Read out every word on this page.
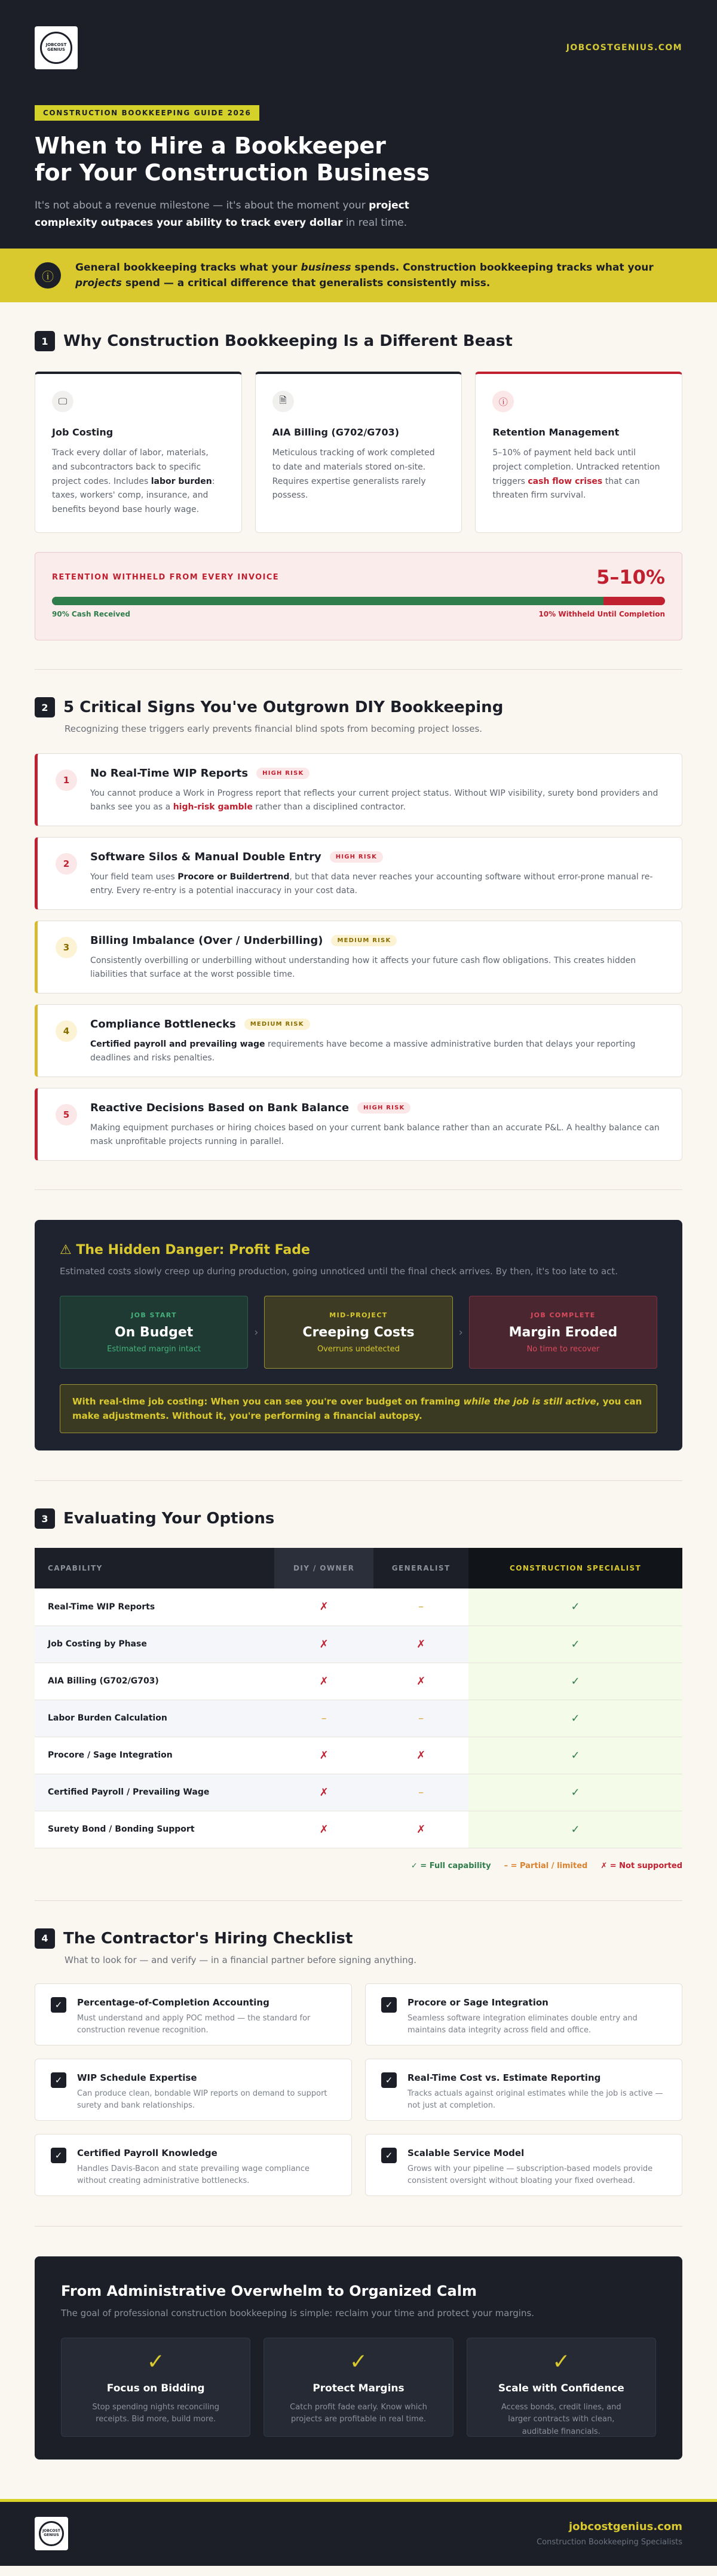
JOBCOST GENIUS	JOBCOSTGENIUS.COM
CONSTRUCTION BOOKKEEPING GUIDE 2026
When to Hire a Bookkeeper
for Your Construction Business

It's not about a revenue milestone — it's about the moment your project complexity outpaces your ability to track every dollar in real time.

ⓘ

General bookkeeping tracks what your business spends. Construction bookkeeping tracks what your projects spend — a critical difference that generalists consistently miss.

1 Why Construction Bookkeeping Is a Different Beast
🖵
Job Costing

Track every dollar of labor, materials, and subcontractors back to specific project codes. Includes labor burden: taxes, workers' comp, insurance, and benefits beyond base hourly wage.

🗎
AIA Billing (G702/G703)

Meticulous tracking of work completed to date and materials stored on-site. Requires expertise generalists rarely possess.

ⓘ
Retention Management

5–10% of payment held back until project completion. Untracked retention triggers cash flow crises that can threaten firm survival.

RETENTION WITHHELD FROM EVERY INVOICE	5–10%
90% Cash Received	10% Withheld Until Completion
2 5 Critical Signs You've Outgrown DIY Bookkeeping

Recognizing these triggers early prevents financial blind spots from becoming project losses.

1
No Real-Time WIP Reports	HIGH RISK

You cannot produce a Work in Progress report that reflects your current project status. Without WIP visibility, surety bond providers and banks see you as a high-risk gamble rather than a disciplined contractor.

2
Software Silos & Manual Double Entry	HIGH RISK

Your field team uses Procore or Buildertrend, but that data never reaches your accounting software without error-prone manual re-entry. Every re-entry is a potential inaccuracy in your cost data.

3
Billing Imbalance (Over / Underbilling)	MEDIUM RISK

Consistently overbilling or underbilling without understanding how it affects your future cash flow obligations. This creates hidden liabilities that surface at the worst possible time.

4
Compliance Bottlenecks	MEDIUM RISK

Certified payroll and prevailing wage requirements have become a massive administrative burden that delays your reporting deadlines and risks penalties.

5
Reactive Decisions Based on Bank Balance	HIGH RISK

Making equipment purchases or hiring choices based on your current bank balance rather than an accurate P&L. A healthy balance can mask unprofitable projects running in parallel.

⚠ The Hidden Danger: Profit Fade

Estimated costs slowly creep up during production, going unnoticed until the final check arrives. By then, it's too late to act.

JOB START
On Budget
Estimated margin intact
›
MID-PROJECT
Creeping Costs
Overruns undetected
›
JOB COMPLETE
Margin Eroded
No time to recover
With real-time job costing: When you can see you're over budget on framing while the job is still active, you can make adjustments. Without it, you're performing a financial autopsy.
3 Evaluating Your Options
CAPABILITY	DIY / OWNER	GENERALIST	CONSTRUCTION SPECIALIST
Real-Time WIP Reports	✗	–	✓
Job Costing by Phase	✗	✗	✓
AIA Billing (G702/G703)	✗	✗	✓
Labor Burden Calculation	–	–	✓
Procore / Sage Integration	✗	✗	✓
Certified Payroll / Prevailing Wage	✗	–	✓
Surety Bond / Bonding Support	✗	✗	✓
✓ = Full capability – = Partial / limited ✗ = Not supported
4 The Contractor's Hiring Checklist

What to look for — and verify — in a financial partner before signing anything.

✓	Percentage-of-Completion Accounting

Must understand and apply POC method — the standard for construction revenue recognition.

✓	Procore or Sage Integration

Seamless software integration eliminates double entry and maintains data integrity across field and office.

✓	WIP Schedule Expertise

Can produce clean, bondable WIP reports on demand to support surety and bank relationships.

✓	Real-Time Cost vs. Estimate Reporting

Tracks actuals against original estimates while the job is active — not just at completion.

✓	Certified Payroll Knowledge

Handles Davis-Bacon and state prevailing wage compliance without creating administrative bottlenecks.

✓	Scalable Service Model

Grows with your pipeline — subscription-based models provide consistent oversight without bloating your fixed overhead.

From Administrative Overwhelm to Organized Calm

The goal of professional construction bookkeeping is simple: reclaim your time and protect your margins.

✓
Focus on Bidding

Stop spending nights reconciling receipts. Bid more, build more.

✓
Protect Margins

Catch profit fade early. Know which projects are profitable in real time.

✓
Scale with Confidence

Access bonds, credit lines, and larger contracts with clean, auditable financials.

JOBCOST GENIUS
jobcostgenius.com
Construction Bookkeeping Specialists
